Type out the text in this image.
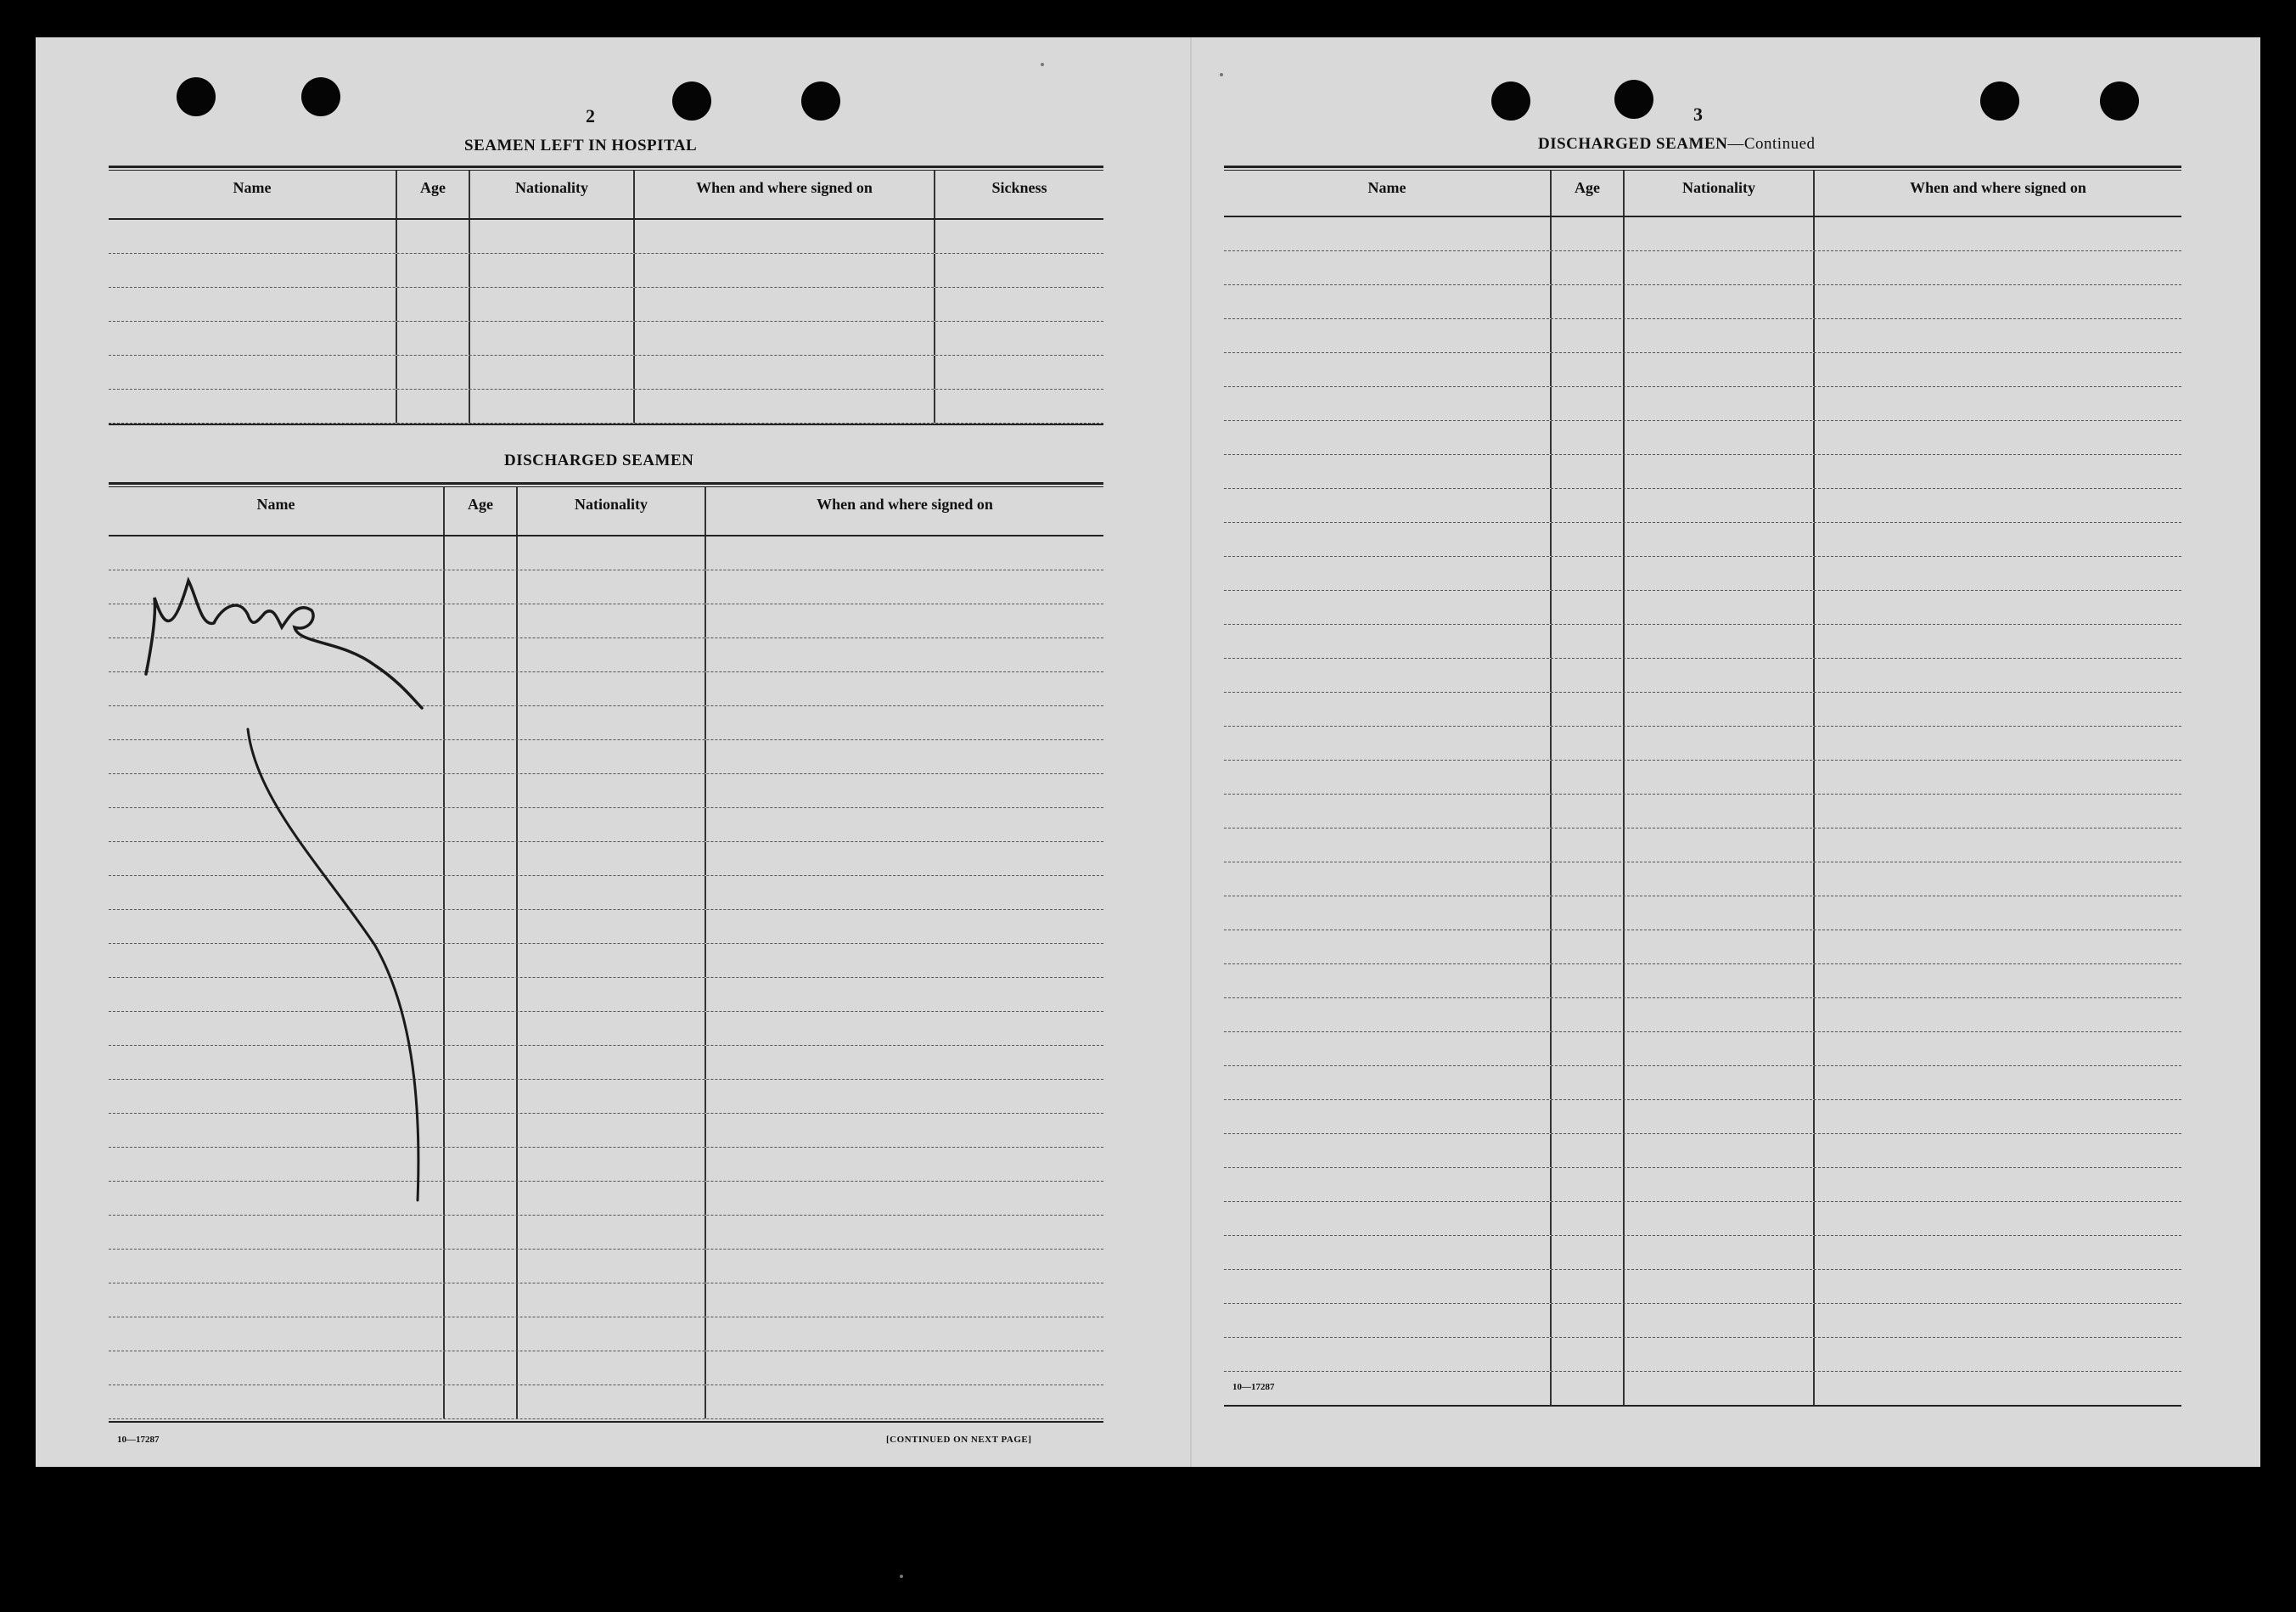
2
SEAMEN LEFT IN HOSPITAL
Name	Age	Nationality	When and where signed on	Sickness
DISCHARGED SEAMEN
Name	Age	Nationality	When and where signed on
10—17287	[CONTINUED ON NEXT PAGE]
3
DISCHARGED SEAMEN—Continued
Name	Age	Nationality	When and where signed on
10—17287
